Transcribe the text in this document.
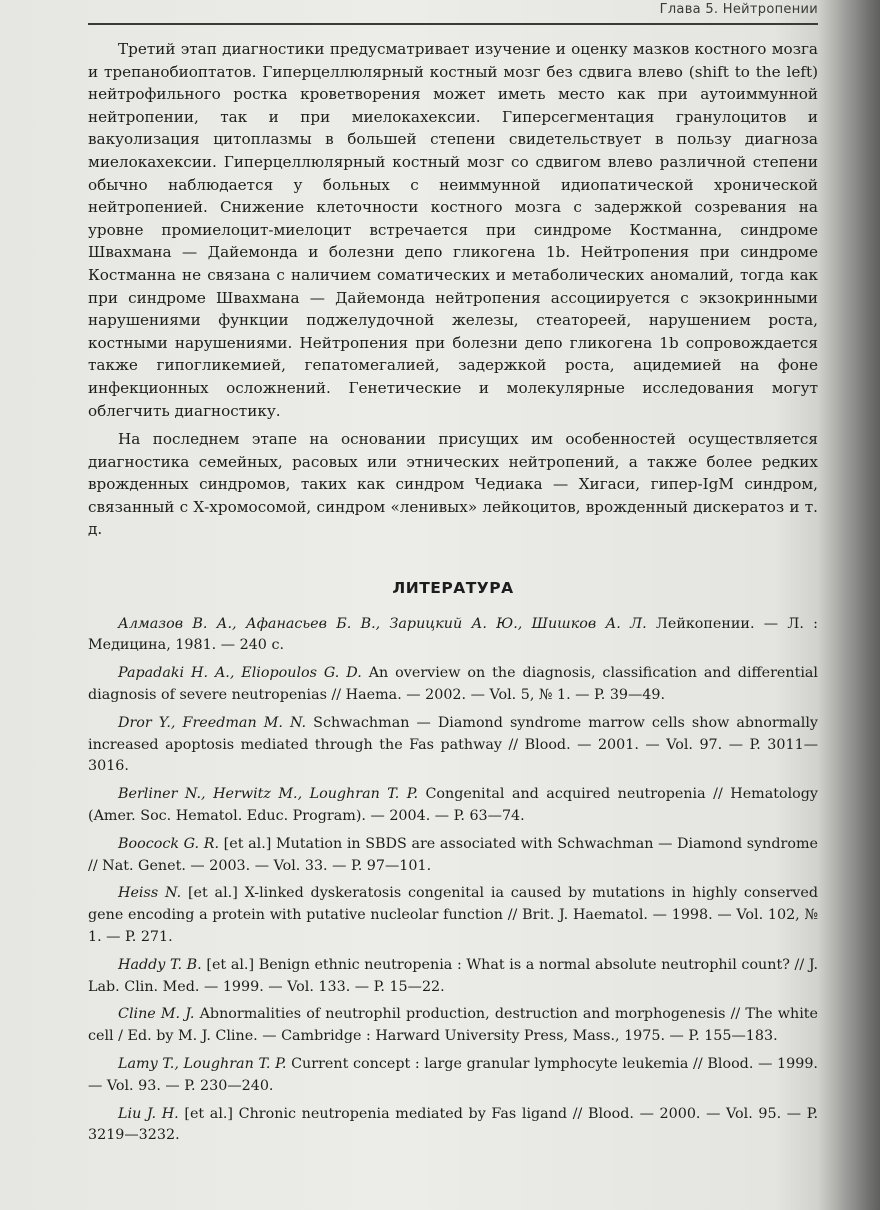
Глава 5. Нейтропении

Третий этап диагностики предусматривает изучение и оценку мазков костного мозга и трепанобиоптатов. Гиперцеллюлярный костный мозг без сдвига влево (shift to the left) нейтрофильного ростка кроветворения может иметь место как при аутоиммунной нейтропении, так и при миелокахексии. Гиперсегментация гранулоцитов и вакуолизация цитоплазмы в большей степени свидетельствует в пользу диагноза миелокахексии. Гиперцеллюлярный костный мозг со сдвигом влево различной степени обычно наблюдается у больных с неиммунной идиопатической хронической нейтропенией. Снижение клеточности костного мозга с задержкой созревания на уровне промиелоцит-миелоцит встречается при синдроме Костманна, синдроме Швахмана — Дайемонда и болезни депо гликогена 1b. Нейтропения при синдроме Костманна не связана с наличием соматических и метаболических аномалий, тогда как при синдроме Швахмана — Дайемонда нейтропения ассоциируется с экзокринными нарушениями функции поджелудочной железы, стеатореей, нарушением роста, костными нарушениями. Нейтропения при болезни депо гликогена 1b сопровождается также гипогликемией, гепатомегалией, задержкой роста, ацидемией на фоне инфекционных осложнений. Генетические и молекулярные исследования могут облегчить диагностику.

На последнем этапе на основании присущих им особенностей осуществляется диагностика семейных, расовых или этнических нейтропений, а также более редких врожденных синдромов, таких как синдром Чедиака — Хигаси, гипер-IgM синдром, связанный с Х-хромосомой, синдром «ленивых» лейкоцитов, врожденный дискератоз и т. д.

ЛИТЕРАТУРА

Алмазов В. А., Афанасьев Б. В., Зарицкий А. Ю., Шишков А. Л. Лейкопении. — Л. : Медицина, 1981. — 240 с.

Papadaki H. A., Eliopoulos G. D. An overview on the diagnosis, classification and differential diagnosis of severe neutropenias // Haema. — 2002. — Vol. 5, № 1. — P. 39—49.

Dror Y., Freedman M. N. Schwachman — Diamond syndrome marrow cells show abnormally increased apoptosis mediated through the Fas pathway // Blood. — 2001. — Vol. 97. — P. 3011—3016.

Berliner N., Herwitz M., Loughran T. P. Congenital and acquired neutropenia // Hematology (Amer. Soc. Hematol. Educ. Program). — 2004. — P. 63—74.

Boocock G. R. [et al.] Mutation in SBDS are associated with Schwachman — Diamond syndrome // Nat. Genet. — 2003. — Vol. 33. — P. 97—101.

Heiss N. [et al.] X-linked dyskeratosis congenital ia caused by mutations in highly conserved gene encoding a protein with putative nucleolar function // Brit. J. Haematol. — 1998. — Vol. 102, № 1. — P. 271.

Haddy T. B. [et al.] Benign ethnic neutropenia : What is a normal absolute neutrophil count? // J. Lab. Clin. Med. — 1999. — Vol. 133. — P. 15—22.

Cline M. J. Abnormalities of neutrophil production, destruction and morphogenesis // The white cell / Ed. by M. J. Cline. — Cambridge : Harward University Press, Mass., 1975. — P. 155—183.

Lamy T., Loughran T. P. Current concept : large granular lymphocyte leukemia // Blood. — 1999. — Vol. 93. — P. 230—240.

Liu J. H. [et al.] Chronic neutropenia mediated by Fas ligand // Blood. — 2000. — Vol. 95. — P. 3219—3232.
